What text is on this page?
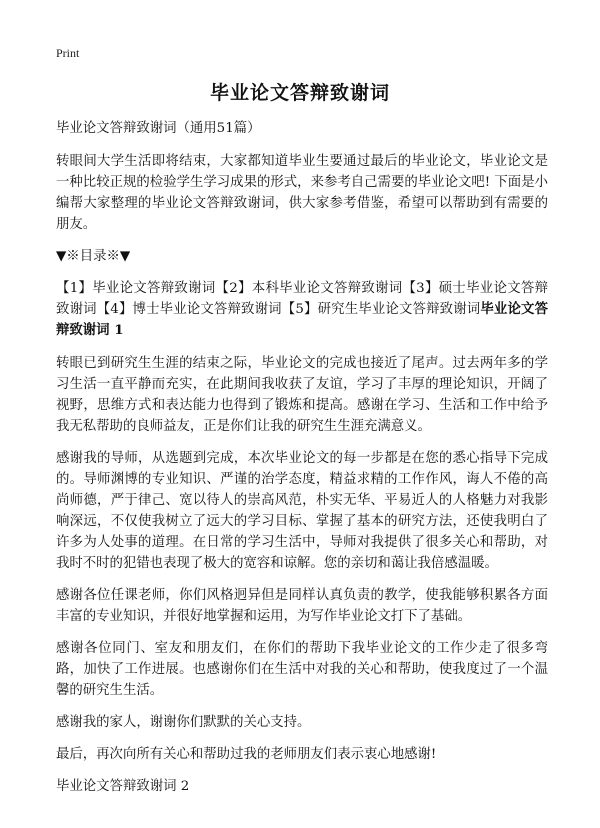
Print
毕业论文答辩致谢词

毕业论文答辩致谢词（通用51篇）

转眼间大学生活即将结束，大家都知道毕业生要通过最后的毕业论文，毕业论文是一种比较正规的检验学生学习成果的形式，来参考自己需要的毕业论文吧! 下面是小编帮大家整理的毕业论文答辩致谢词，供大家参考借鉴，希望可以帮助到有需要的朋友。

▼※目录※▼

【1】毕业论文答辩致谢词【2】本科毕业论文答辩致谢词【3】硕士毕业论文答辩致谢词【4】博士毕业论文答辩致谢词【5】研究生毕业论文答辩致谢词毕业论文答辩致谢词 1

转眼已到研究生生涯的结束之际，毕业论文的完成也接近了尾声。过去两年多的学习生活一直平静而充实，在此期间我收获了友谊，学习了丰厚的理论知识，开阔了视野，思维方式和表达能力也得到了锻炼和提高。感谢在学习、生活和工作中给予我无私帮助的良师益友，正是你们让我的研究生生涯充满意义。

感谢我的导师，从选题到完成，本次毕业论文的每一步都是在您的悉心指导下完成的。导师渊博的专业知识、严谨的治学态度，精益求精的工作作风，诲人不倦的高尚师德，严于律己、宽以待人的崇高风范，朴实无华、平易近人的人格魅力对我影响深远，不仅使我树立了远大的学习目标、掌握了基本的研究方法，还使我明白了许多为人处事的道理。在日常的学习生活中，导师对我提供了很多关心和帮助，对我时不时的犯错也表现了极大的宽容和谅解。您的亲切和蔼让我倍感温暖。

感谢各位任课老师，你们风格迥异但是同样认真负责的教学，使我能够积累各方面丰富的专业知识，并很好地掌握和运用，为写作毕业论文打下了基础。

感谢各位同门、室友和朋友们，在你们的帮助下我毕业论文的工作少走了很多弯路，加快了工作进展。也感谢你们在生活中对我的关心和帮助，使我度过了一个温馨的研究生生活。

感谢我的家人，谢谢你们默默的关心支持。

最后，再次向所有关心和帮助过我的老师朋友们表示衷心地感谢!

毕业论文答辩致谢词 2
